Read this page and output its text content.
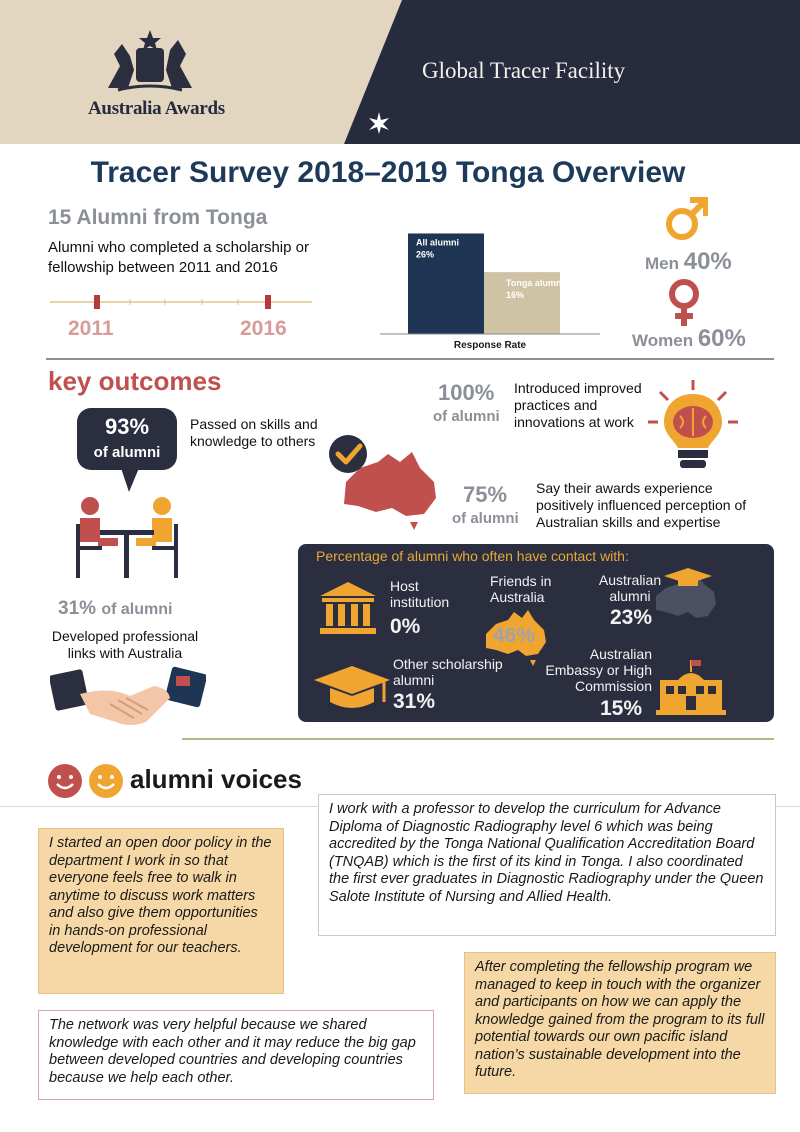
Australia Awards
Global Tracer Facility
Tracer Survey 2018–2019 Tonga Overview
15 Alumni from Tonga
Alumni who completed a scholarship or fellowship between 2011 and 2016
2011	2016
All alumni
26%
Tonga alumni
16%
Response Rate
Men 40%
Women 60%
key outcomes
93%
of alumni
Passed on skills and knowledge to others
31% of alumni
Developed professional links with Australia
100%
of alumni
Introduced improved practices and innovations at work
75%
of alumni
Say their awards experience positively influenced perception of Australian skills and expertise
Percentage of alumni who often have contact with:
Host institution
0%
Friends in Australia
46%
Australian alumni
23%
Other scholarship alumni
31%
Australian Embassy or High Commission
15%
alumni voices
I work with a professor to develop the curriculum for Advance Diploma of Diagnostic Radiography level 6 which was being accredited by the Tonga National Qualification Accreditation Board (TNQAB) which is the first of its kind in Tonga. I also coordinated the first ever graduates in Diagnostic Radiography under the Queen Salote Institute of Nursing and Allied Health.
I started an open door policy in the department I work in so that everyone feels free to walk in anytime to discuss work matters and also give them opportunities in hands-on professional development for our teachers.
After completing the fellowship program we managed to keep in touch with the organizer and participants on how we can apply the knowledge gained from the program to its full potential towards our own pacific island nation’s sustainable development into the future.
The network was very helpful because we shared knowledge with each other and it may reduce the big gap between developed countries and developing countries because we help each other.
